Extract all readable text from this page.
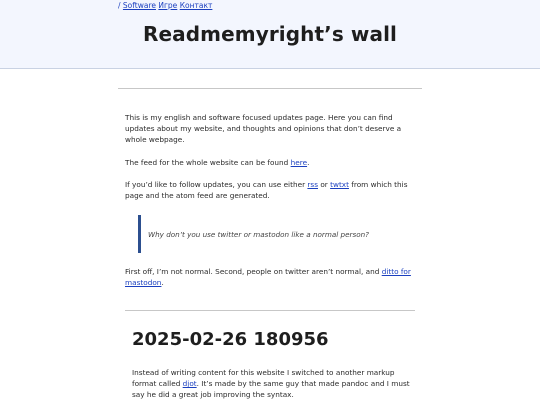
/ Software Игре Контакт
Readmemyright’s wall

This is my english and software focused updates page. Here you can find updates about my website, and thoughts and opinions that don’t deserve a whole webpage.

The feed for the whole website can be found here.

If you’d like to follow updates, you can use either rss or twtxt from which this page and the atom feed are generated.

Why don’t you use twitter or mastodon like a normal person?
First off, I’m not normal. Second, people on twitter aren’t normal, and ditto for mastodon.
2025-02-26 180956
Instead of writing content for this website I switched to another markup format called djot. It’s made by the same guy that made pandoc and I must say he did a great job improving the syntax.
